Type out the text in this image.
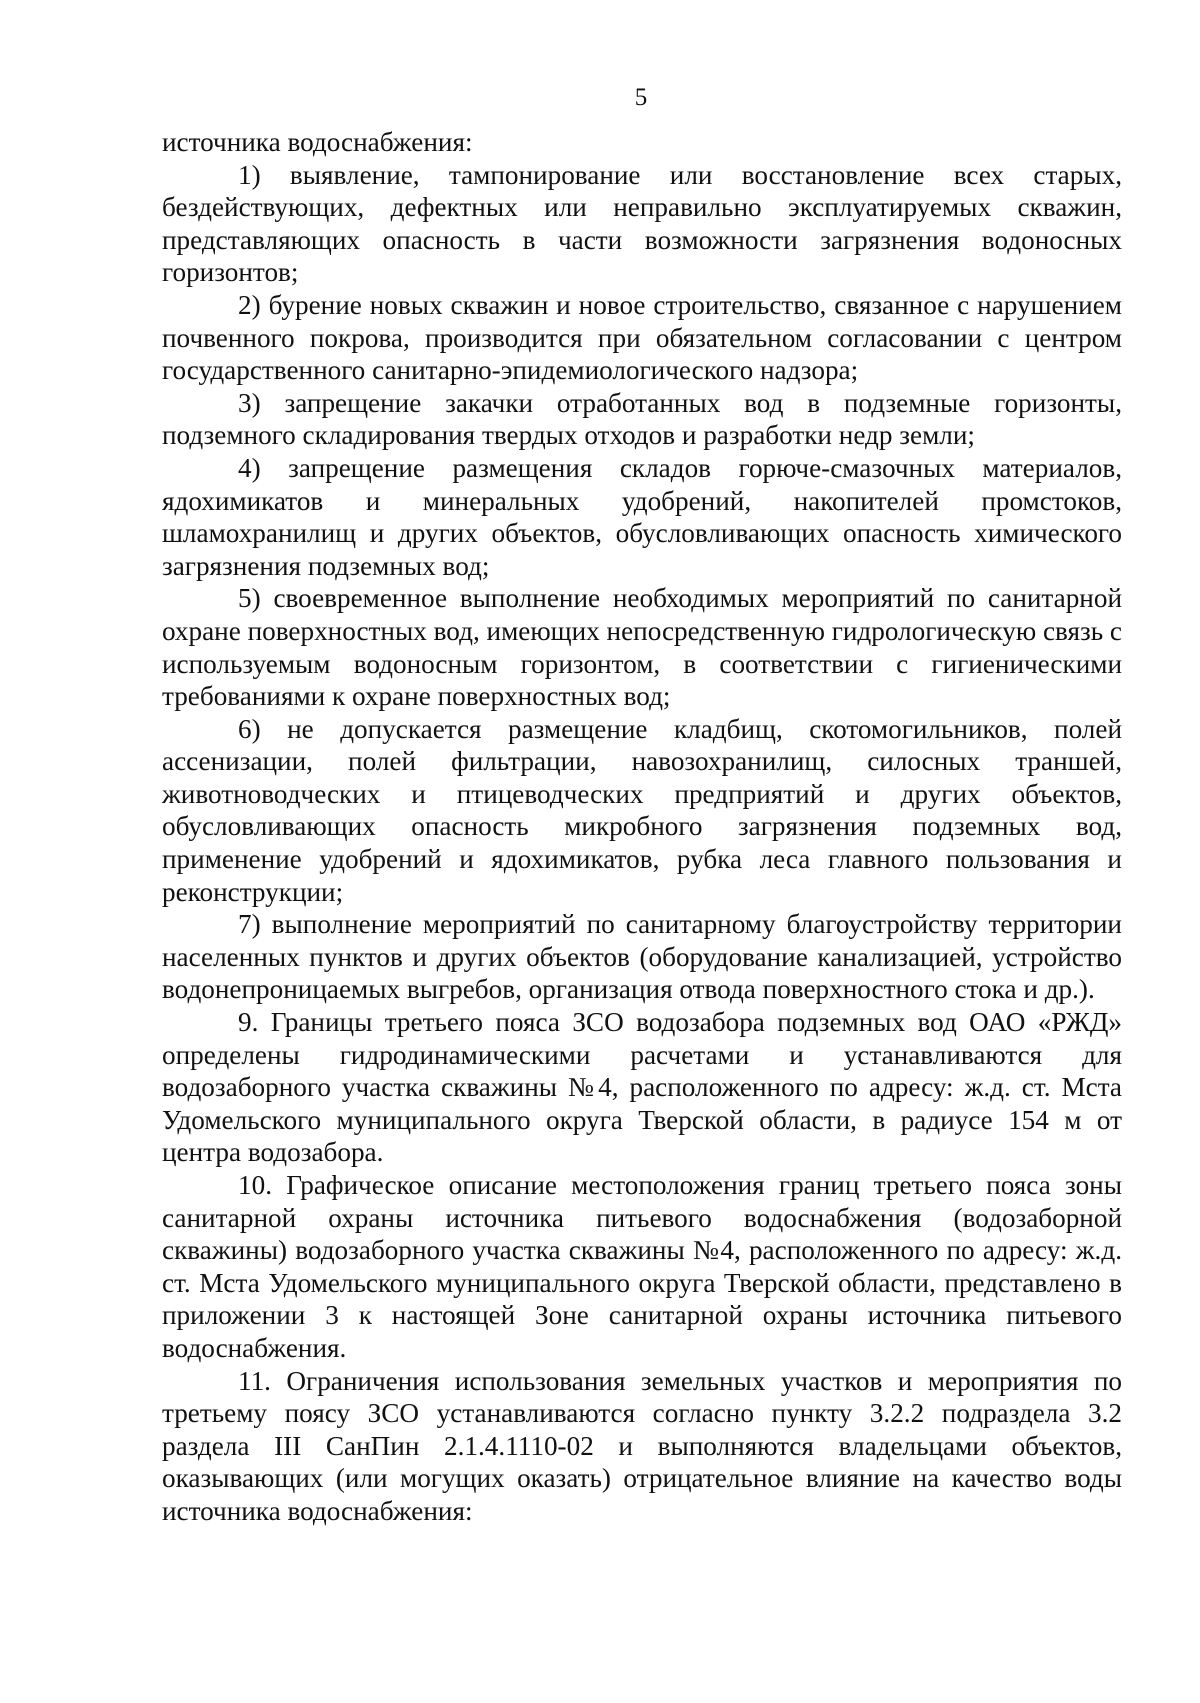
5

источника водоснабжения:

1) выявление, тампонирование или восстановление всех старых, бездействующих, дефектных или неправильно эксплуатируемых скважин, представляющих опасность в части возможности загрязнения водоносных горизонтов;

2) бурение новых скважин и новое строительство, связанное с нарушением почвенного покрова, производится при обязательном согласовании с центром государственного санитарно-эпидемиологического надзора;

3) запрещение закачки отработанных вод в подземные горизонты, подземного складирования твердых отходов и разработки недр земли;

4) запрещение размещения складов горюче-смазочных материалов, ядохимикатов и минеральных удобрений, накопителей промстоков, шламохранилищ и других объектов, обусловливающих опасность химического загрязнения подземных вод;

5) своевременное выполнение необходимых мероприятий по санитарной охране поверхностных вод, имеющих непосредственную гидрологическую связь с используемым водоносным горизонтом, в соответствии с гигиеническими требованиями к охране поверхностных вод;

6) не допускается размещение кладбищ, скотомогильников, полей ассенизации, полей фильтрации, навозохранилищ, силосных траншей, животноводческих и птицеводческих предприятий и других объектов, обусловливающих опасность микробного загрязнения подземных вод, применение удобрений и ядохимикатов, рубка леса главного пользования и реконструкции;

7) выполнение мероприятий по санитарному благоустройству территории населенных пунктов и других объектов (оборудование канализацией, устройство водонепроницаемых выгребов, организация отвода поверхностного стока и др.).

9. Границы третьего пояса ЗСО водозабора подземных вод ОАО «РЖД» определены гидродинамическими расчетами и устанавливаются для водозаборного участка скважины №4, расположенного по адресу: ж.д. ст. Мста Удомельского муниципального округа Тверской области, в радиусе 154 м от центра водозабора.

10. Графическое описание местоположения границ третьего пояса зоны санитарной охраны источника питьевого водоснабжения (водозаборной скважины) водозаборного участка скважины №4, расположенного по адресу: ж.д. ст. Мста Удомельского муниципального округа Тверской области, представлено в приложении 3 к настоящей Зоне санитарной охраны источника питьевого водоснабжения.

11. Ограничения использования земельных участков и мероприятия по третьему поясу ЗСО устанавливаются согласно пункту 3.2.2 подраздела 3.2 раздела III СанПин 2.1.4.1110-02 и выполняются владельцами объектов, оказывающих (или могущих оказать) отрицательное влияние на качество воды источника водоснабжения:
